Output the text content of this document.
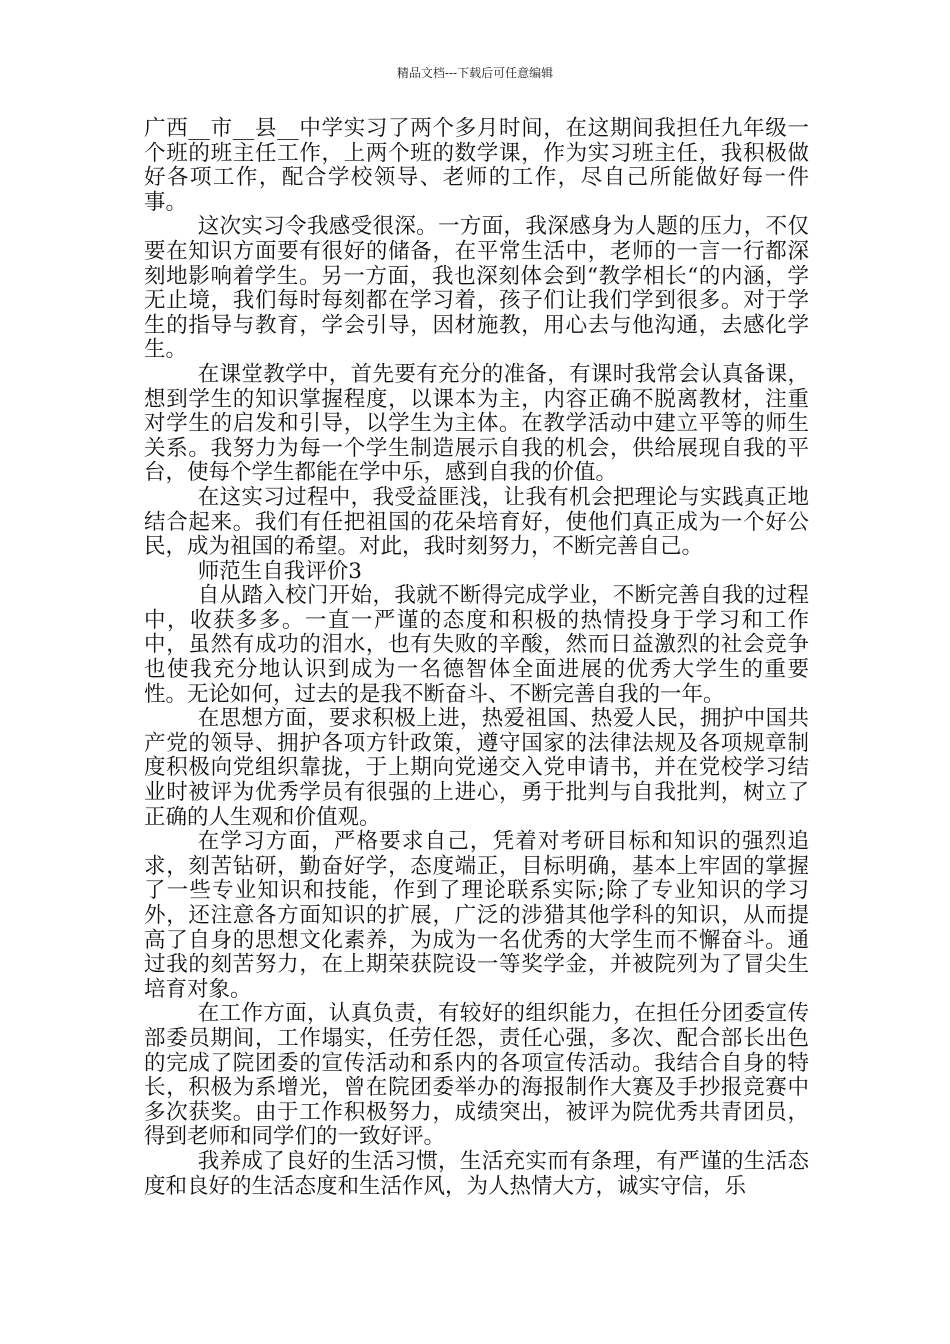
精品文档---下载后可任意编辑

广西__市__县__中学实习了两个多月时间，在这期间我担任九年级一个班的班主任工作，上两个班的数学课，作为实习班主任，我积极做好各项工作，配合学校领导、老师的工作，尽自己所能做好每一件事。

这次实习令我感受很深。一方面，我深感身为人题的压力，不仅要在知识方面要有很好的储备，在平常生活中，老师的一言一行都深刻地影响着学生。另一方面，我也深刻体会到“教学相长“的内涵，学无止境，我们每时每刻都在学习着，孩子们让我们学到很多。对于学生的指导与教育，学会引导，因材施教，用心去与他沟通，去感化学生。

在课堂教学中，首先要有充分的准备，有课时我常会认真备课，想到学生的知识掌握程度，以课本为主，内容正确不脱离教材，注重对学生的启发和引导，以学生为主体。在教学活动中建立平等的师生关系。我努力为每一个学生制造展示自我的机会，供给展现自我的平台，使每个学生都能在学中乐，感到自我的价值。

在这实习过程中，我受益匪浅，让我有机会把理论与实践真正地结合起来。我们有任把祖国的花朵培育好，使他们真正成为一个好公民，成为祖国的希望。对此，我时刻努力，不断完善自己。

师范生自我评价3

自从踏入校门开始，我就不断得完成学业，不断完善自我的过程中，收获多多。一直一严谨的态度和积极的热情投身于学习和工作中，虽然有成功的泪水，也有失败的辛酸，然而日益激烈的社会竞争也使我充分地认识到成为一名德智体全面进展的优秀大学生的重要性。无论如何，过去的是我不断奋斗、不断完善自我的一年。

在思想方面，要求积极上进，热爱祖国、热爱人民，拥护中国共产党的领导、拥护各项方针政策，遵守国家的法律法规及各项规章制度积极向党组织靠拢，于上期向党递交入党申请书，并在党校学习结业时被评为优秀学员有很强的上进心，勇于批判与自我批判，树立了正确的人生观和价值观。

在学习方面，严格要求自己，凭着对考研目标和知识的强烈追求，刻苦钻研，勤奋好学，态度端正，目标明确，基本上牢固的掌握了一些专业知识和技能，作到了理论联系实际;除了专业知识的学习外，还注意各方面知识的扩展，广泛的涉猎其他学科的知识，从而提高了自身的思想文化素养，为成为一名优秀的大学生而不懈奋斗。通过我的刻苦努力，在上期荣获院设一等奖学金，并被院列为了冒尖生培育对象。

在工作方面，认真负责，有较好的组织能力，在担任分团委宣传部委员期间，工作塌实，任劳任怨，责任心强，多次、配合部长出色的完成了院团委的宣传活动和系内的各项宣传活动。我结合自身的特长，积极为系增光，曾在院团委举办的海报制作大赛及手抄报竞赛中多次获奖。由于工作积极努力，成绩突出，被评为院优秀共青团员，得到老师和同学们的一致好评。

我养成了良好的生活习惯，生活充实而有条理，有严谨的生活态度和良好的生活态度和生活作风，为人热情大方，诚实守信，乐
